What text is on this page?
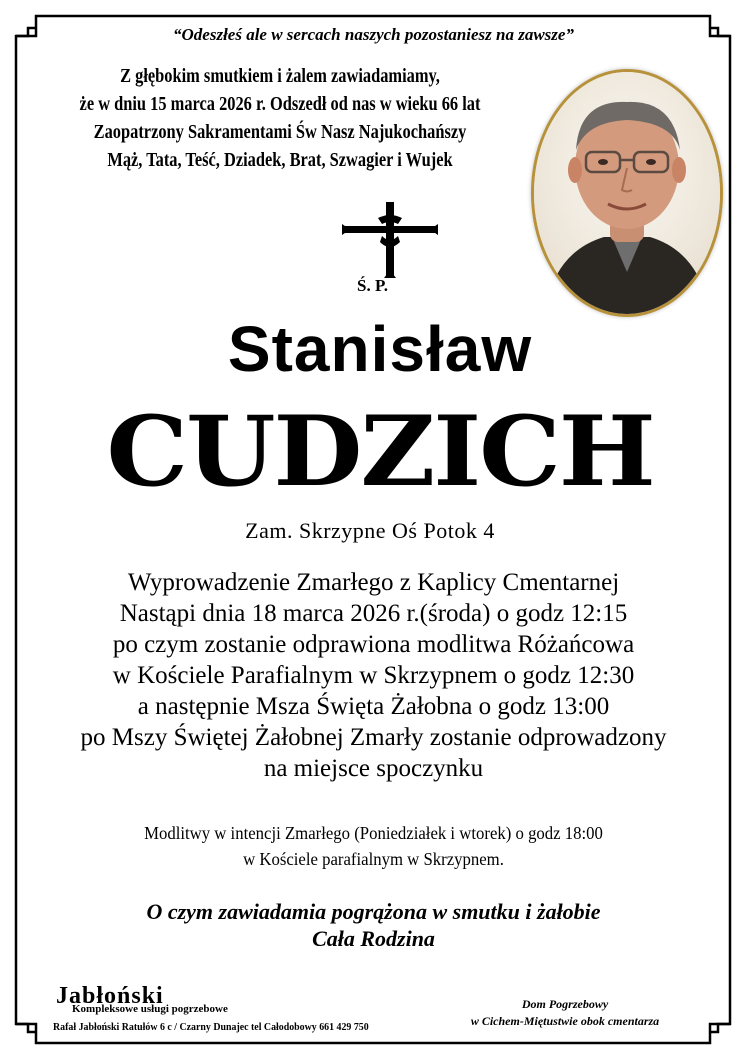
“Odeszłeś ale w sercach naszych pozostaniesz na zawsze”
Z głębokim smutkiem i żalem zawiadamiamy,
że w dniu 15 marca 2026 r. Odszedł od nas w wieku 66 lat
Zaopatrzony Sakramentami Św Nasz Najukochańszy
Mąż, Tata, Teść, Dziadek, Brat, Szwagier i Wujek
Ś. P.
Stanisław
CUDZICH
Zam. Skrzypne Oś Potok 4
Wyprowadzenie Zmarłego z Kaplicy Cmentarnej
Nastąpi dnia 18 marca 2026 r.(środa) o godz 12:15
po czym zostanie odprawiona modlitwa Różańcowa
w Kościele Parafialnym w Skrzypnem o godz 12:30
a następnie Msza Święta Żałobna o godz 13:00
po Mszy Świętej Żałobnej Zmarły zostanie odprowadzony
na miejsce spoczynku
Modlitwy w intencji Zmarłego (Poniedziałek i wtorek) o godz 18:00
w Kościele parafialnym w Skrzypnem.
O czym zawiadamia pogrążona w smutku i żałobie
Cała Rodzina
Jabłoński
Kompleksowe usługi pogrzebowe
Rafał Jabłoński Ratułów 6 c / Czarny Dunajec tel Całodobowy 661 429 750
Dom Pogrzebowy
w Cichem-Miętustwie obok cmentarza
